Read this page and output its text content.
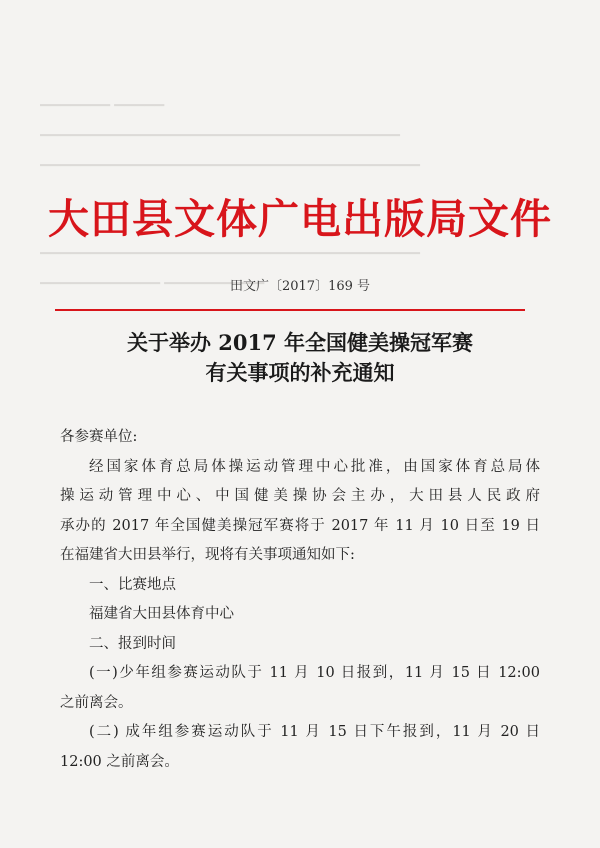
▁▁▁▁▁▁▁ ▁▁▁▁▁
▁▁▁▁▁▁▁▁▁▁▁▁▁▁▁▁▁▁▁▁▁▁▁▁▁▁▁▁▁▁▁▁▁▁▁▁
▁▁▁▁▁▁▁▁▁▁▁▁▁▁▁▁▁▁▁▁▁▁▁▁▁▁▁▁▁▁▁▁▁▁▁▁▁▁
▁▁▁▁▁▁▁▁▁▁▁▁▁▁▁▁▁▁▁▁▁▁▁▁▁▁▁▁▁▁▁▁▁▁▁▁▁▁
▁▁▁▁▁▁▁▁▁▁▁▁ ▁▁▁▁▁▁▁▁▁▁
大田县文体广电出版局文件
田文广〔2017〕169 号
关于举办 2017 年全国健美操冠军赛
有关事项的补充通知

各参赛单位:

经国家体育总局体操运动管理中心批准，由国家体育总局体

操运动管理中心、中国健美操协会主办，大田县人民政府

承办的 2017 年全国健美操冠军赛将于 2017 年 11 月 10 日至 19 日

在福建省大田县举行，现将有关事项通知如下:

一、比赛地点

福建省大田县体育中心

二、报到时间

(一)少年组参赛运动队于 11 月 10 日报到，11 月 15 日 12:00

之前离会。

(二) 成年组参赛运动队于 11 月 15 日下午报到，11 月 20 日

12:00 之前离会。
